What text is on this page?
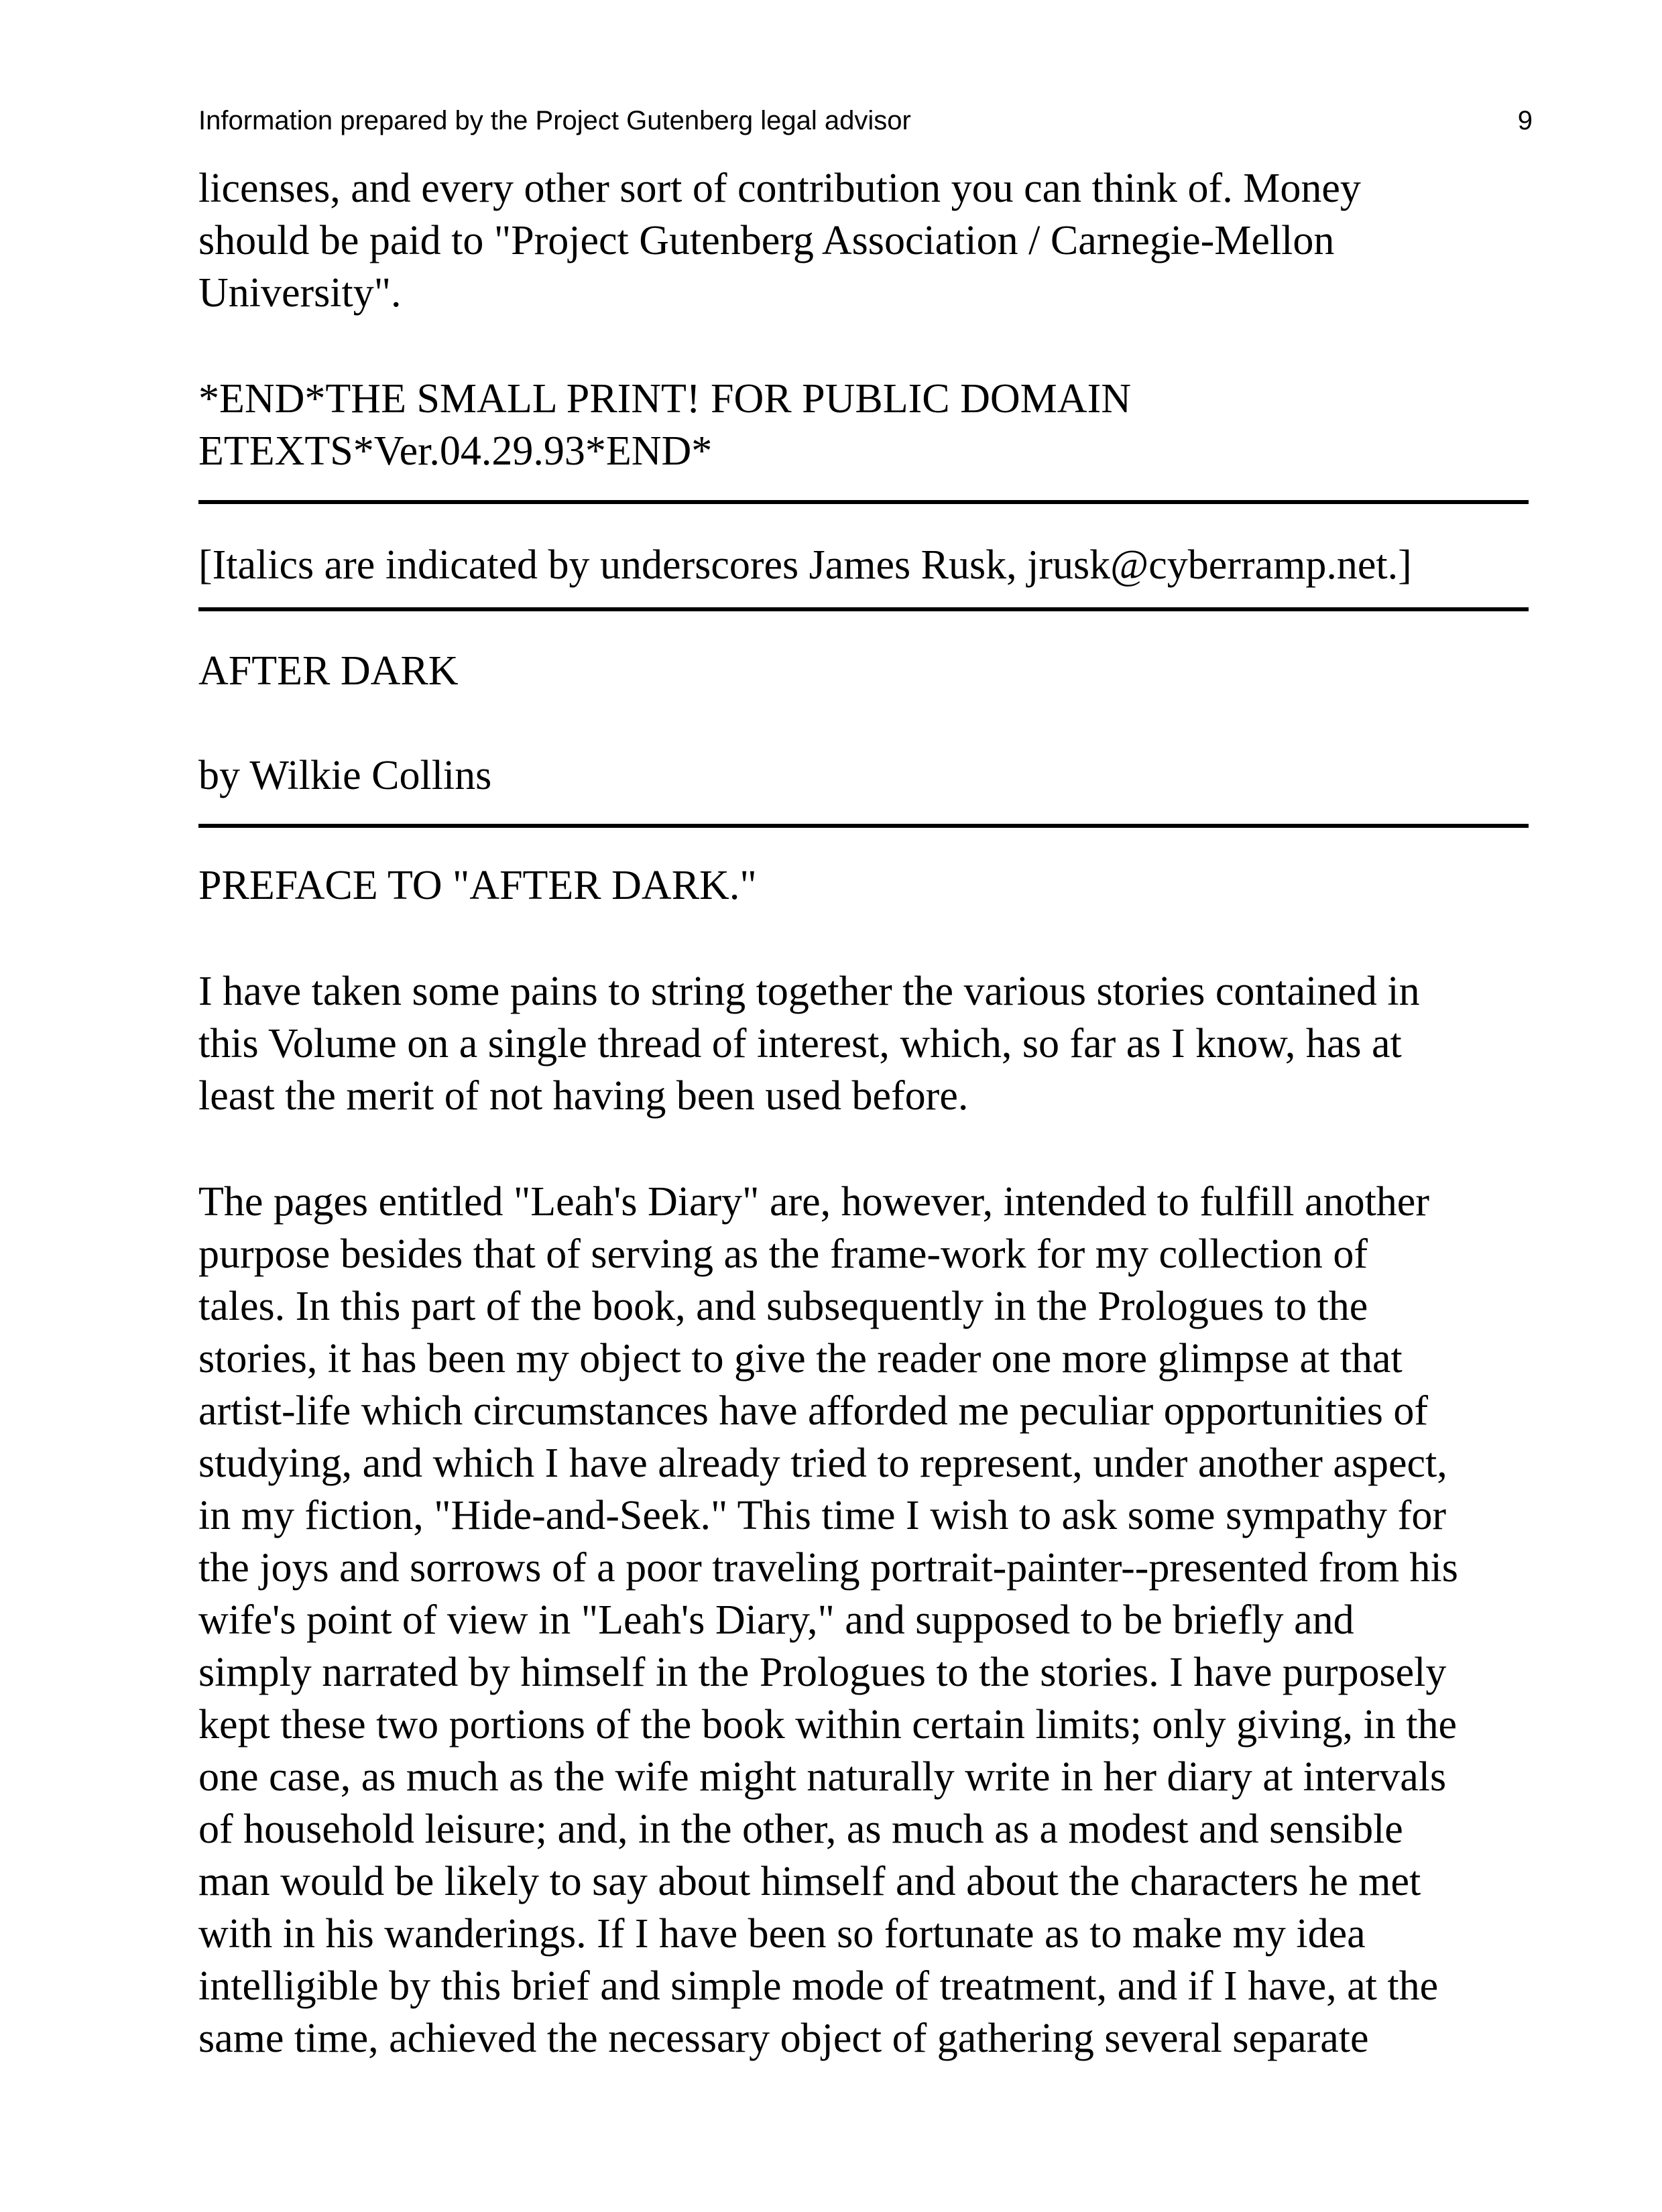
Information prepared by the Project Gutenberg legal advisor	9
licenses, and every other sort of contribution you can think of. Money
should be paid to "Project Gutenberg Association / Carnegie-Mellon
University".
*END*THE SMALL PRINT! FOR PUBLIC DOMAIN
ETEXTS*Ver.04.29.93*END*
[Italics are indicated by underscores James Rusk, jrusk@cyberramp.net.]
AFTER DARK
by Wilkie Collins
PREFACE TO "AFTER DARK."
I have taken some pains to string together the various stories contained in
this Volume on a single thread of interest, which, so far as I know, has at
least the merit of not having been used before.
The pages entitled "Leah's Diary" are, however, intended to fulfill another
purpose besides that of serving as the frame-work for my collection of
tales. In this part of the book, and subsequently in the Prologues to the
stories, it has been my object to give the reader one more glimpse at that
artist-life which circumstances have afforded me peculiar opportunities of
studying, and which I have already tried to represent, under another aspect,
in my fiction, "Hide-and-Seek." This time I wish to ask some sympathy for
the joys and sorrows of a poor traveling portrait-painter--presented from his
wife's point of view in "Leah's Diary," and supposed to be briefly and
simply narrated by himself in the Prologues to the stories. I have purposely
kept these two portions of the book within certain limits; only giving, in the
one case, as much as the wife might naturally write in her diary at intervals
of household leisure; and, in the other, as much as a modest and sensible
man would be likely to say about himself and about the characters he met
with in his wanderings. If I have been so fortunate as to make my idea
intelligible by this brief and simple mode of treatment, and if I have, at the
same time, achieved the necessary object of gathering several separate
